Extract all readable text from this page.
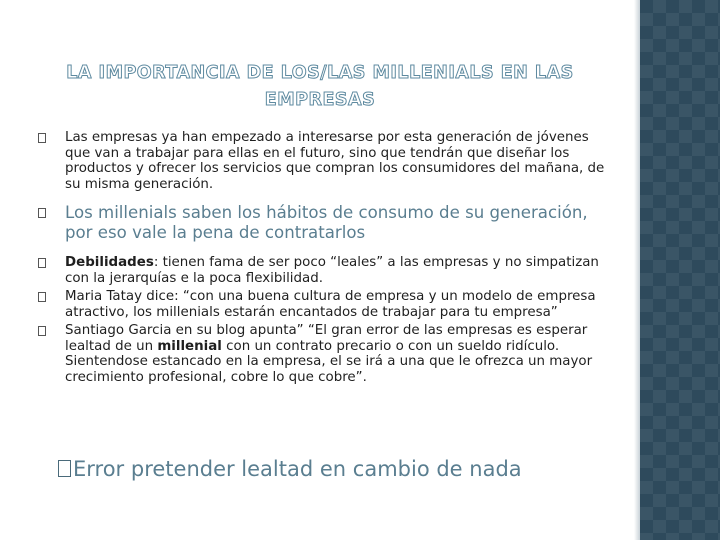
LA IMPORTANCIA DE LOS/LAS MILLENIALS EN LAS EMPRESAS
Las empresas ya han empezado a interesarse por esta generación de jóvenes que van a trabajar para ellas en el futuro, sino que tendrán que diseñar los productos y ofrecer los servicios que compran los consumidores del mañana, de su misma generación.
Los millenials saben los hábitos de consumo de su generación, por eso vale la pena de contratarlos
Debilidades: tienen fama de ser poco “leales” a las empresas y no simpatizan con la jerarquías e la poca flexibilidad.
Maria Tatay dice: “con una buena cultura de empresa y un modelo de empresa atractivo, los millenials estarán encantados de trabajar para tu empresa”
Santiago Garcia en su blog apunta” “El gran error de las empresas es esperar lealtad de un millenial con un contrato precario o con un sueldo ridículo. Sientendose estancado en la empresa, el se irá a una que le ofrezca un mayor crecimiento profesional, cobre lo que cobre”.
Error pretender lealtad en cambio de nada
